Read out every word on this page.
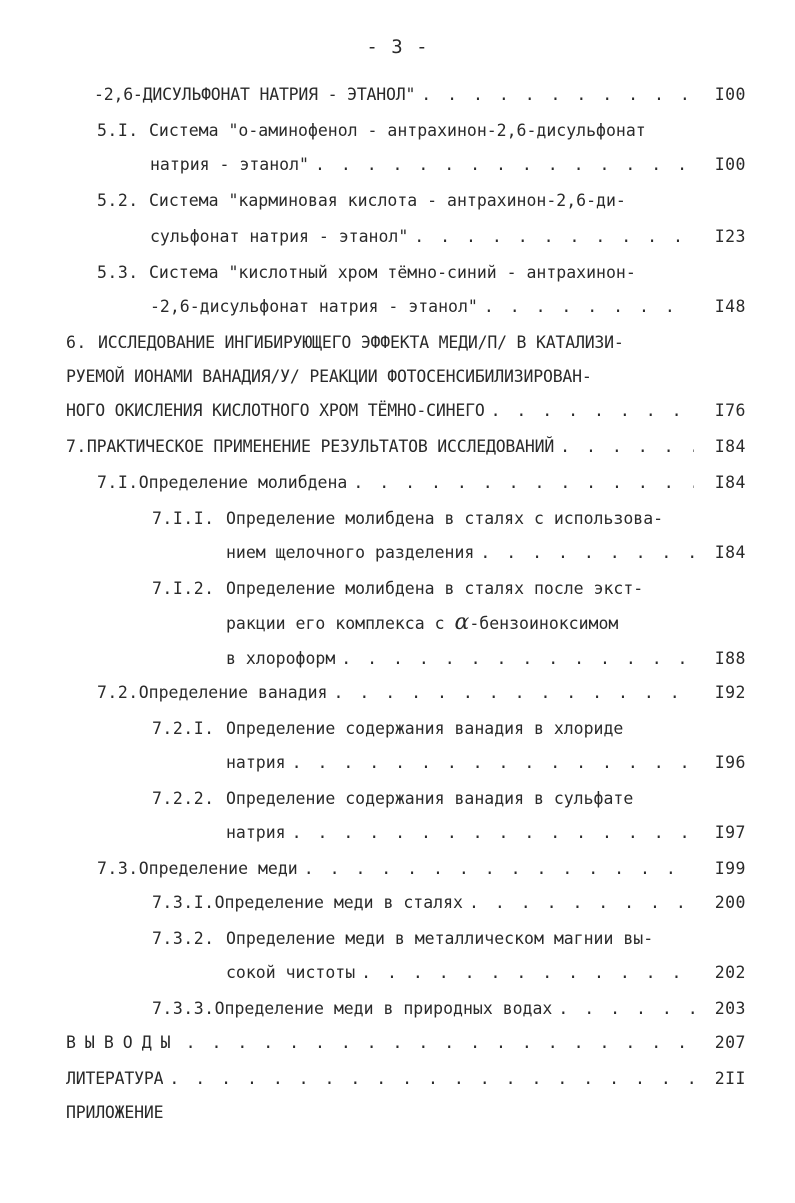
- 3 -
-2,6-ДИСУЛЬФОНАТ НАТРИЯ - ЭТАНОЛ" . . .	I00
5.I. Система "о-аминофенол - антрахинон-2,6-дисульфонат
натрия - этанол" . . .	I00
5.2. Система "карминовая кислота - антрахинон-2,6-ди-
сульфонат натрия - этанол" . . .	I23
5.3. Система "кислотный хром тёмно-синий - антрахинон-
-2,6-дисульфонат натрия - этанол" . . .	I48
6. ИССЛЕДОВАНИЕ ИНГИБИРУЮЩЕГО ЭФФЕКТА МЕДИ/П/ В КАТАЛИЗИ-
РУЕМОЙ ИОНАМИ ВАНАДИЯ/У/ РЕАКЦИИ ФОТОСЕНСИБИЛИЗИРОВАН-
НОГО ОКИСЛЕНИЯ КИСЛОТНОГО ХРОМ ТЁМНО-СИНЕГО . . .	I76
7. ПРАКТИЧЕСКОЕ ПРИМЕНЕНИЕ РЕЗУЛЬТАТОВ ИССЛЕДОВАНИЙ . . .	I84
7.I. Определение молибдена . . .	I84
7.I.I. Определение молибдена в сталях с использова-
нием щелочного разделения . . .	I84
7.I.2. Определение молибдена в сталях после экст-
ракции его комплекса с α-бензоиноксимом
в хлороформ . . .	I88
7.2. Определение ванадия . . .	I92
7.2.I. Определение содержания ванадия в хлориде
натрия . . .	I96
7.2.2. Определение содержания ванадия в сульфате
натрия . . .	I97
7.3. Определение меди . . .	I99
7.3.I. Определение меди в сталях . . .	200
7.3.2. Определение меди в металлическом магнии вы-
сокой чистоты . . .	202
7.3.3. Определение меди в природных водах . . .	203
ВЫВОДЫ . . .	207
ЛИТЕРАТУРА . . .	2II
ПРИЛОЖЕНИЕ
